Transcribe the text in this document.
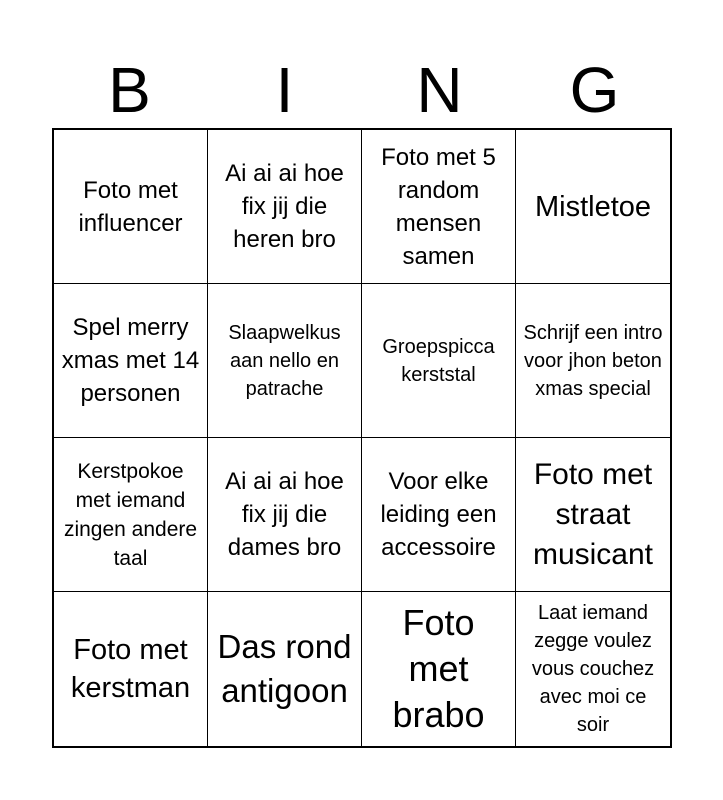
B	I	N	G
Foto met influencer
Ai ai ai hoe fix jij die heren bro
Foto met 5 random mensen samen
Mistletoe
Spel merry xmas met 14 personen
Slaapwelkus aan nello en patrache
Groepspicca kerststal
Schrijf een intro voor jhon beton xmas special
Kerstpokoe met iemand zingen andere taal
Ai ai ai hoe fix jij die dames bro
Voor elke leiding een accessoire
Foto met straat musicant
Foto met kerstman
Das rond antigoon
Foto met brabo
Laat iemand zegge voulez vous couchez avec moi ce soir
